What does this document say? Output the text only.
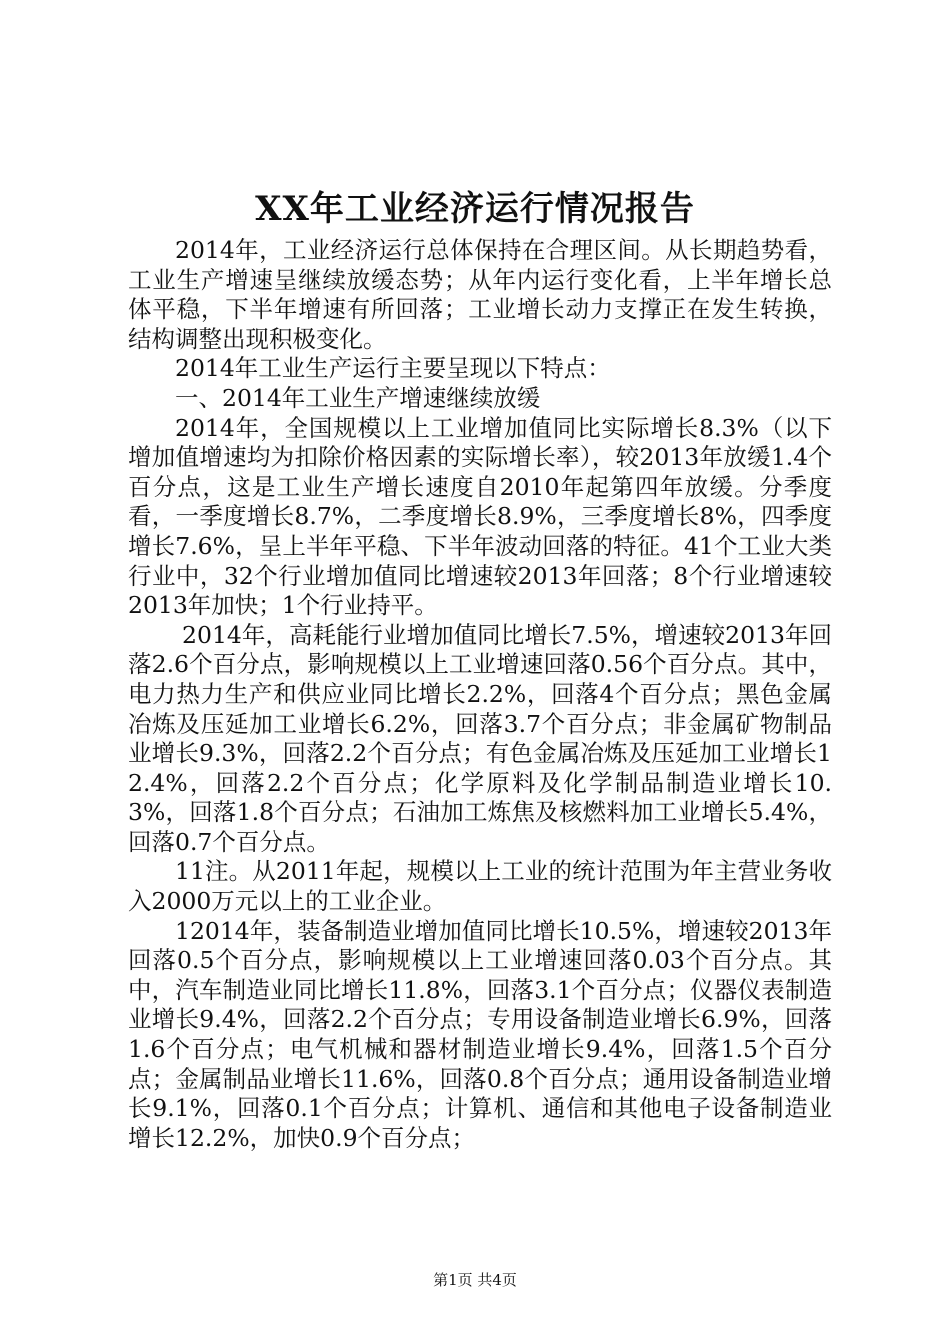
XX年工业经济运行情况报告

2014年，工业经济运行总体保持在合理区间。从长期趋势看，工业生产增速呈继续放缓态势；从年内运行变化看，上半年增长总体平稳，下半年增速有所回落；工业增长动力支撑正在发生转换，结构调整出现积极变化。

2014年工业生产运行主要呈现以下特点：

一、2014年工业生产增速继续放缓

2014年，全国规模以上工业增加值同比实际增长8.3%（以下增加值增速均为扣除价格因素的实际增长率），较2013年放缓1.4个百分点，这是工业生产增长速度自2010年起第四年放缓。分季度看，一季度增长8.7%，二季度增长8.9%，三季度增长8%，四季度增长7.6%，呈上半年平稳、下半年波动回落的特征。41个工业大类行业中，32个行业增加值同比增速较2013年回落；8个行业增速较2013年加快；1个行业持平。

2014年，高耗能行业增加值同比增长7.5%，增速较2013年回落2.6个百分点，影响规模以上工业增速回落0.56个百分点。其中，电力热力生产和供应业同比增长2.2%，回落4个百分点；黑色金属冶炼及压延加工业增长6.2%，回落3.7个百分点；非金属矿物制品业增长9.3%，回落2.2个百分点；有色金属冶炼及压延加工业增长12.4%，回落2.2个百分点；化学原料及化学制品制造业增长10.3%，回落1.8个百分点；石油加工炼焦及核燃料加工业增长5.4%，回落0.7个百分点。

11注。从2011年起，规模以上工业的统计范围为年主营业务收入2000万元以上的工业企业。

12014年，装备制造业增加值同比增长10.5%，增速较2013年回落0.5个百分点，影响规模以上工业增速回落0.03个百分点。其中，汽车制造业同比增长11.8%，回落3.1个百分点；仪器仪表制造业增长9.4%，回落2.2个百分点；专用设备制造业增长6.9%，回落1.6个百分点；电气机械和器材制造业增长9.4%，回落1.5个百分点；金属制品业增长11.6%，回落0.8个百分点；通用设备制造业增长9.1%，回落0.1个百分点；计算机、通信和其他电子设备制造业增长12.2%，加快0.9个百分点；

第1页 共4页
